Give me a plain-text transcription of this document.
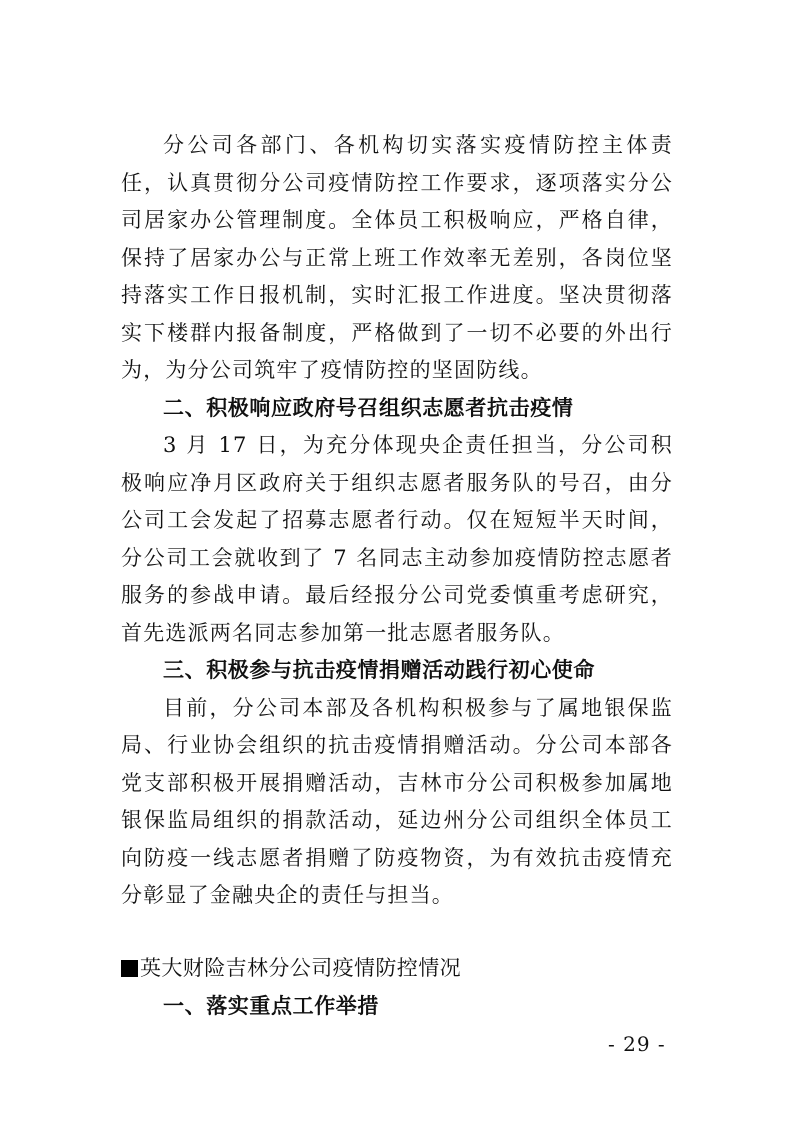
分公司各部门、各机构切实落实疫情防控主体责任，认真贯彻分公司疫情防控工作要求，逐项落实分公司居家办公管理制度。全体员工积极响应，严格自律，保持了居家办公与正常上班工作效率无差别，各岗位坚持落实工作日报机制，实时汇报工作进度。坚决贯彻落实下楼群内报备制度，严格做到了一切不必要的外出行为，为分公司筑牢了疫情防控的坚固防线。

二、积极响应政府号召组织志愿者抗击疫情

3 月 17 日，为充分体现央企责任担当，分公司积极响应净月区政府关于组织志愿者服务队的号召，由分公司工会发起了招募志愿者行动。仅在短短半天时间，分公司工会就收到了 7 名同志主动参加疫情防控志愿者服务的参战申请。最后经报分公司党委慎重考虑研究，首先选派两名同志参加第一批志愿者服务队。

三、积极参与抗击疫情捐赠活动践行初心使命

目前，分公司本部及各机构积极参与了属地银保监局、行业协会组织的抗击疫情捐赠活动。分公司本部各党支部积极开展捐赠活动，吉林市分公司积极参加属地银保监局组织的捐款活动，延边州分公司组织全体员工向防疫一线志愿者捐赠了防疫物资，为有效抗击疫情充分彰显了金融央企的责任与担当。

英大财险吉林分公司疫情防控情况

一、落实重点工作举措

- 29 -
